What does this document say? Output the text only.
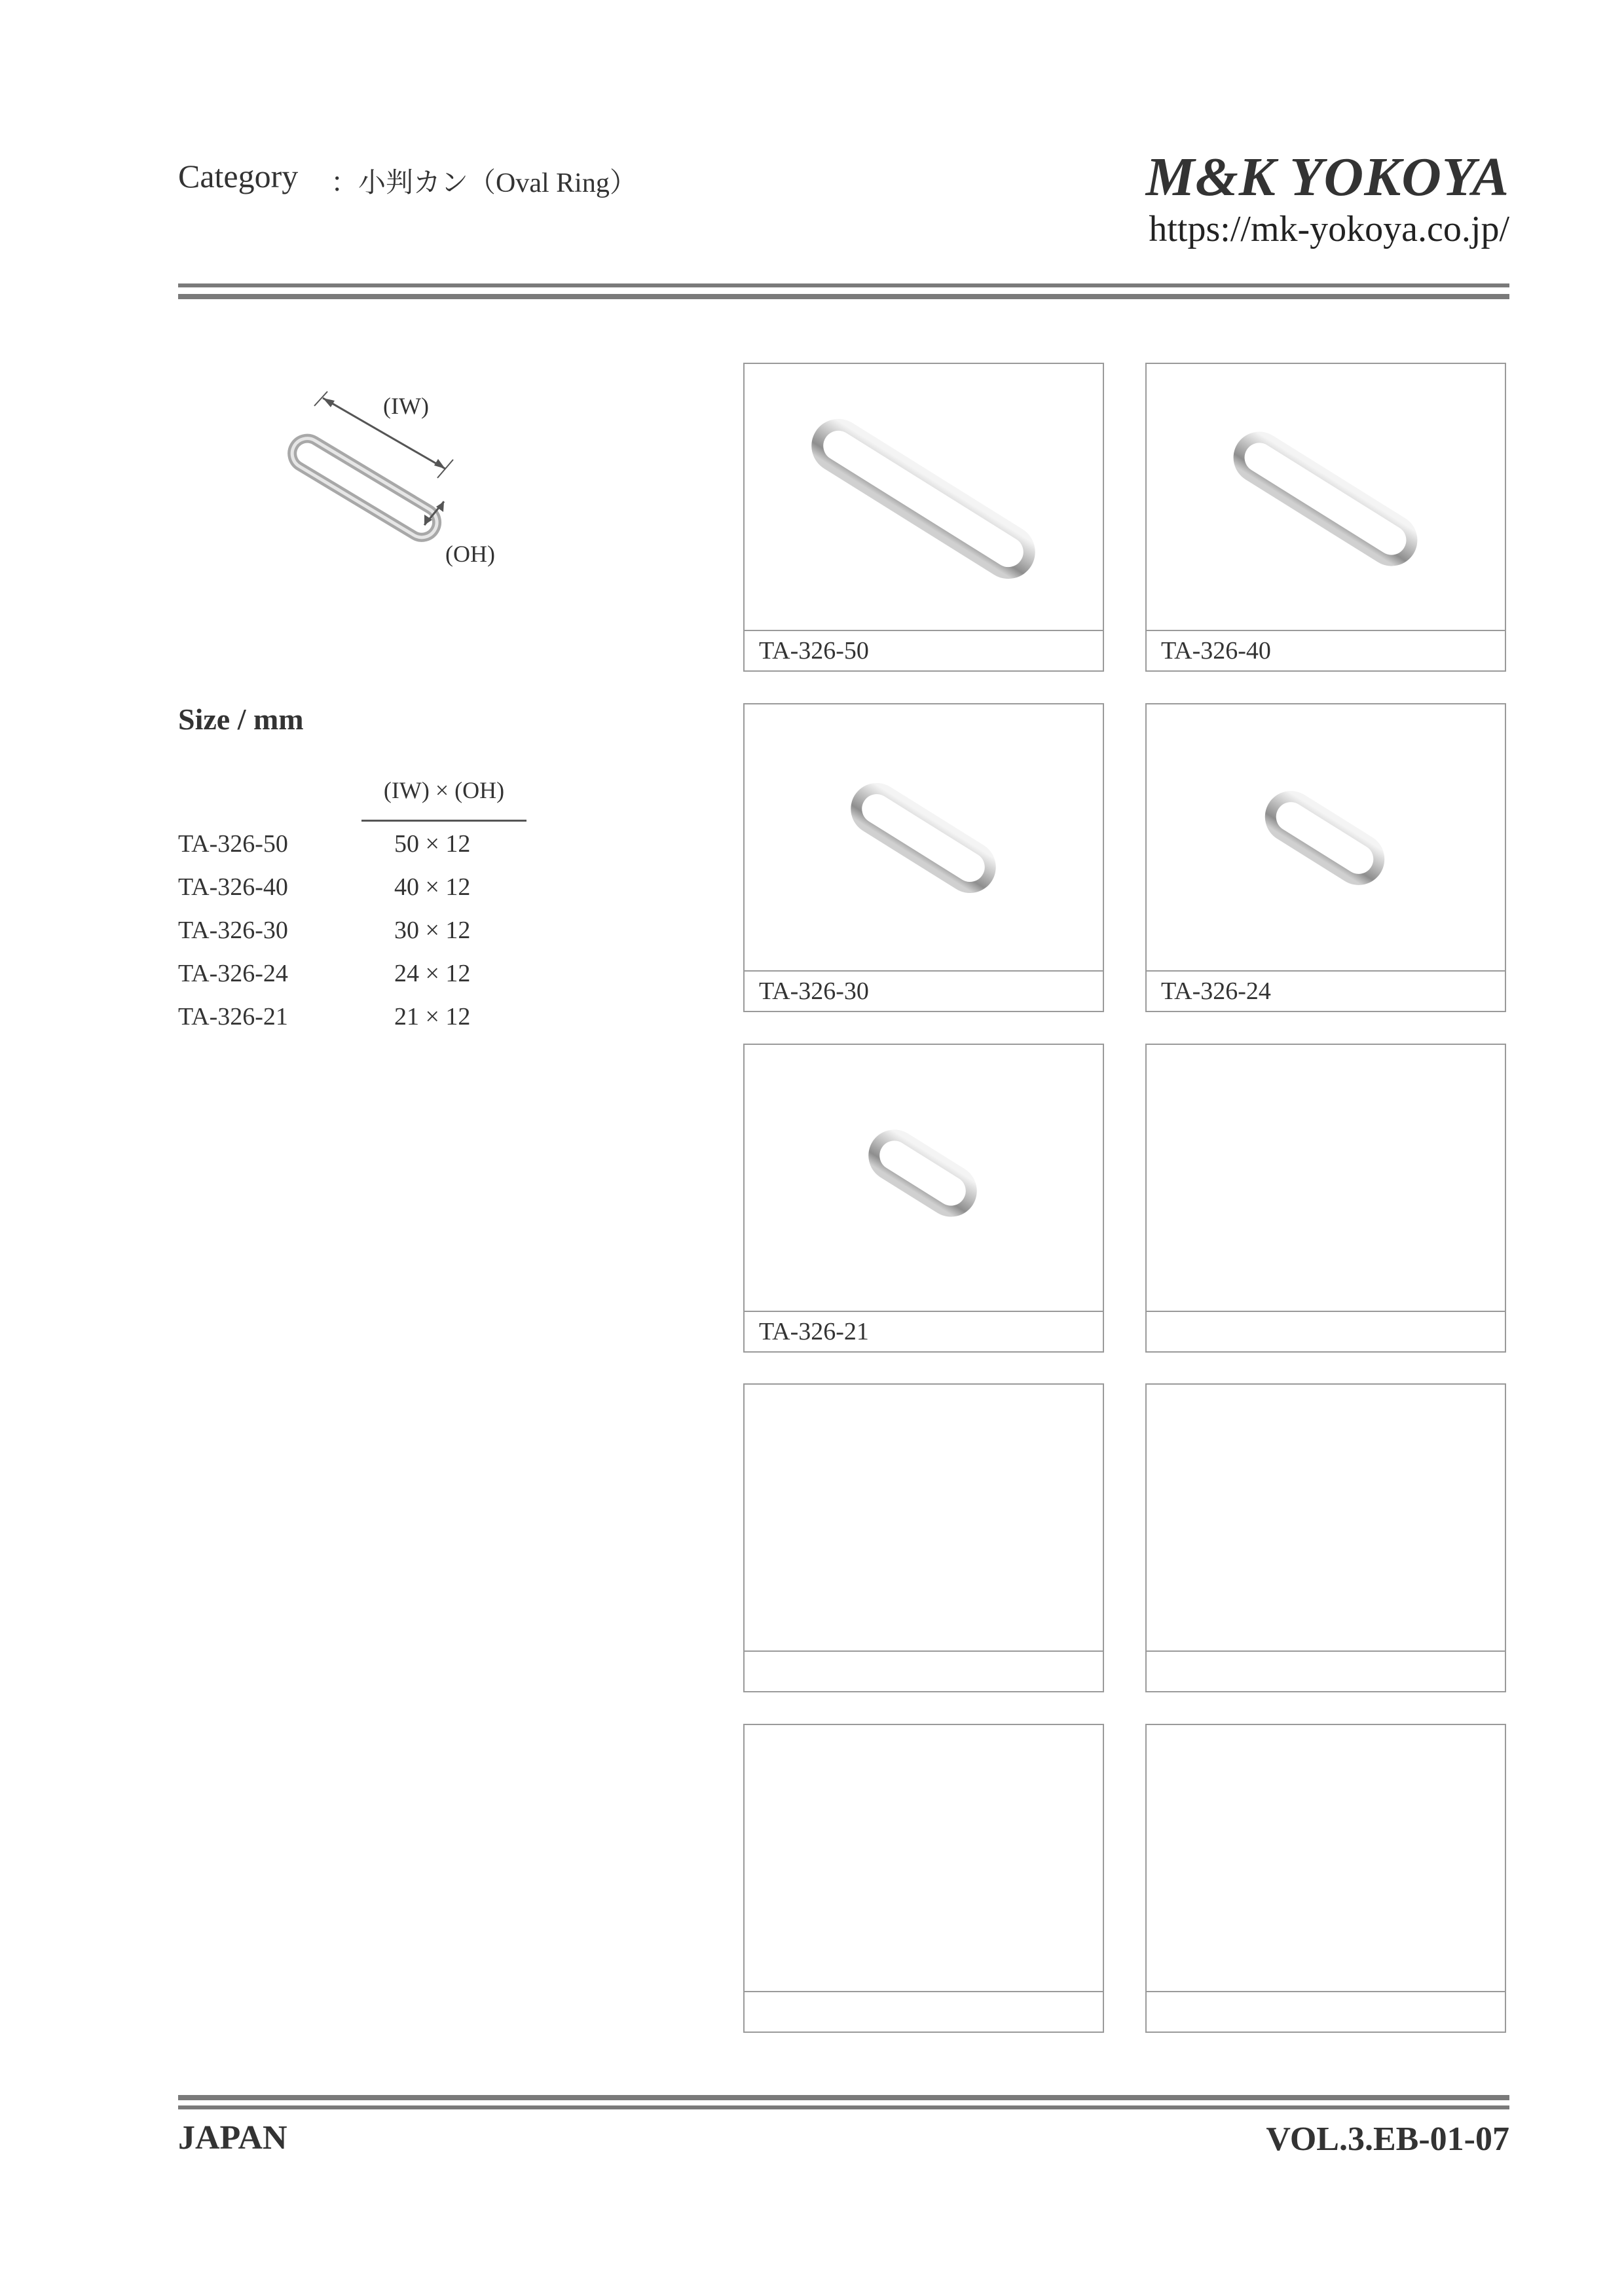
Category ：小判カン（Oval Ring）	M&K YOKOYA
https://mk-yokoya.co.jp/
(IW)
(OH)
Size / mm
(IW) × (OH)
TA-326-50	50 × 12
TA-326-40	40 × 12
TA-326-30	30 × 12
TA-326-24	24 × 12
TA-326-21	21 × 12
TA-326-50	TA-326-40
TA-326-30	TA-326-24
TA-326-21
JAPAN	VOL.3.EB-01-07
